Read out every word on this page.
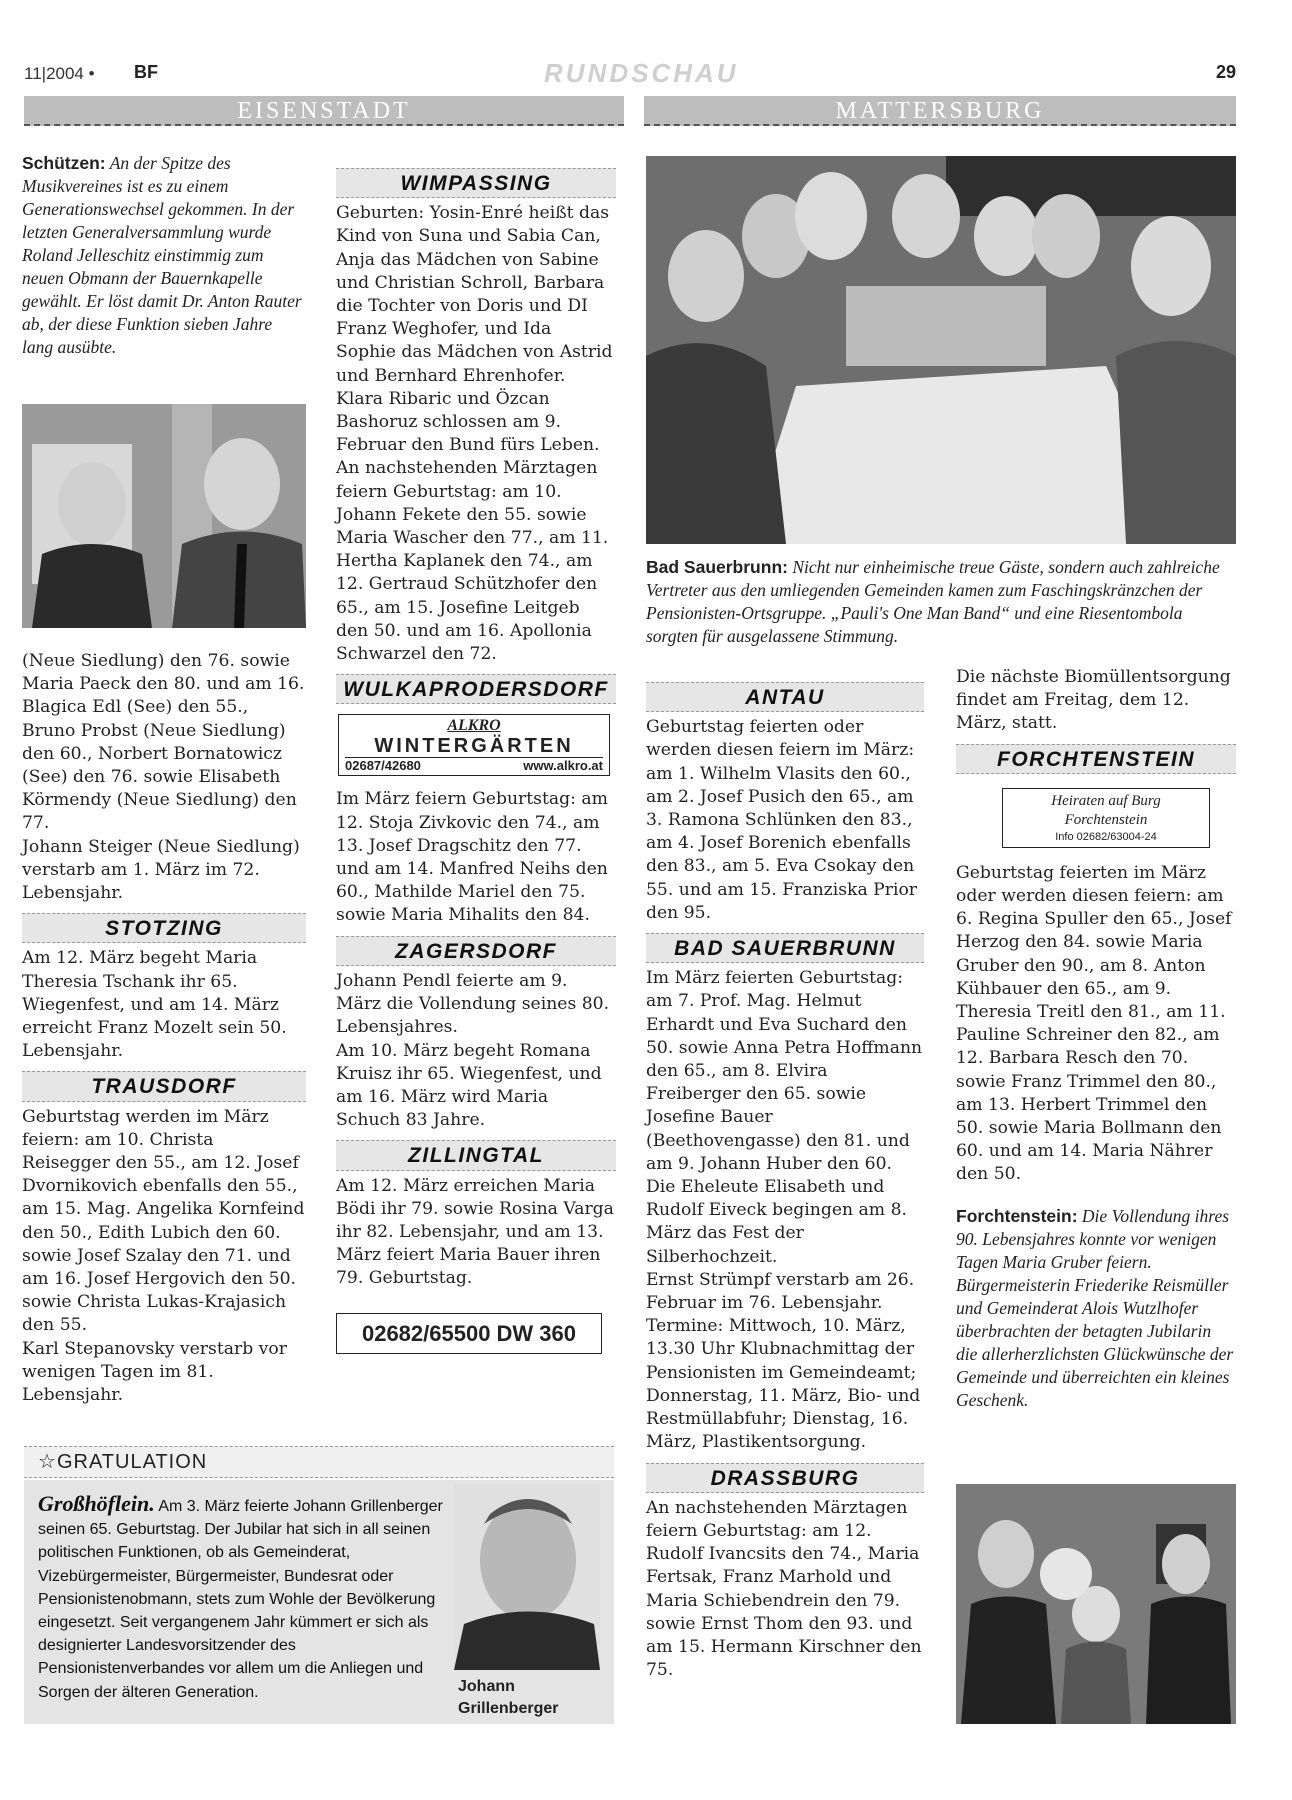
11|2004 • BF	RUNDSCHAU	29
EISENSTADT	MATTERSBURG
Schützen: An der Spitze des Musikvereines ist es zu einem Generationswechsel gekommen. In der letzten Generalversammlung wurde Roland Jelleschitz einstimmig zum neuen Obmann der Bauernkapelle gewählt. Er löst damit Dr. Anton Rauter ab, der diese Funktion sieben Jahre lang ausübte.

(Neue Siedlung) den 76. sowie Maria Paeck den 80. und am 16. Blagica Edl (See) den 55., Bruno Probst (Neue Siedlung) den 60., Norbert Bornatowicz (See) den 76. sowie Elisabeth Körmendy (Neue Siedlung) den 77.

Johann Steiger (Neue Siedlung) verstarb am 1. März im 72. Lebensjahr.

STOTZING

Am 12. März begeht Maria Theresia Tschank ihr 65. Wiegenfest, und am 14. März erreicht Franz Mozelt sein 50. Lebensjahr.

TRAUSDORF

Geburtstag werden im März feiern: am 10. Christa Reisegger den 55., am 12. Josef Dvornikovich ebenfalls den 55., am 15. Mag. Angelika Kornfeind den 50., Edith Lubich den 60. sowie Josef Szalay den 71. und am 16. Josef Hergovich den 50. sowie Christa Lukas-Krajasich den 55.

Karl Stepanovsky verstarb vor wenigen Tagen im 81. Lebensjahr.

WIMPASSING

Geburten: Yosin-Enré heißt das Kind von Suna und Sabia Can, Anja das Mädchen von Sabine und Christian Schroll, Barbara die Tochter von Doris und DI Franz Weghofer, und Ida Sophie das Mädchen von Astrid und Bernhard Ehrenhofer.

Klara Ribaric und Özcan Bashoruz schlossen am 9. Februar den Bund fürs Leben.

An nachstehenden Märztagen feiern Geburtstag: am 10. Johann Fekete den 55. sowie Maria Wascher den 77., am 11. Hertha Kaplanek den 74., am 12. Gertraud Schützhofer den 65., am 15. Josefine Leitgeb den 50. und am 16. Apollonia Schwarzel den 72.

WULKAPRODERSDORF
ALKRO
WINTERGÄRTEN
02687/42680	www.alkro.at

Im März feiern Geburtstag: am 12. Stoja Zivkovic den 74., am 13. Josef Dragschitz den 77. und am 14. Manfred Neihs den 60., Mathilde Mariel den 75. sowie Maria Mihalits den 84.

ZAGERSDORF

Johann Pendl feierte am 9. März die Vollendung seines 80. Lebensjahres.

Am 10. März begeht Romana Kruisz ihr 65. Wiegenfest, und am 16. März wird Maria Schuch 83 Jahre.

ZILLINGTAL

Am 12. März erreichen Maria Bödi ihr 79. sowie Rosina Varga ihr 82. Lebensjahr, und am 13. März feiert Maria Bauer ihren 79. Geburtstag.

02682/65500 DW 360
Bad Sauerbrunn: Nicht nur einheimische treue Gäste, sondern auch zahlreiche Vertreter aus den umliegenden Gemeinden kamen zum Faschingskränzchen der Pensionisten-Ortsgruppe. „Pauli's One Man Band“ und eine Riesentombola sorgten für ausgelassene Stimmung.
ANTAU

Geburtstag feierten oder werden diesen feiern im März: am 1. Wilhelm Vlasits den 60., am 2. Josef Pusich den 65., am 3. Ramona Schlünken den 83., am 4. Josef Borenich ebenfalls den 83., am 5. Eva Csokay den 55. und am 15. Franziska Prior den 95.

BAD SAUERBRUNN

Im März feierten Geburtstag: am 7. Prof. Mag. Helmut Erhardt und Eva Suchard den 50. sowie Anna Petra Hoffmann den 65., am 8. Elvira Freiberger den 65. sowie Josefine Bauer (Beethovengasse) den 81. und am 9. Johann Huber den 60.

Die Eheleute Elisabeth und Rudolf Eiveck begingen am 8. März das Fest der Silberhochzeit.

Ernst Strümpf verstarb am 26. Februar im 76. Lebensjahr.

Termine: Mittwoch, 10. März, 13.30 Uhr Klubnachmittag der Pensionisten im Gemeindeamt; Donnerstag, 11. März, Bio- und Restmüllabfuhr; Dienstag, 16. März, Plastikentsorgung.

DRASSBURG

An nachstehenden Märztagen feiern Geburtstag: am 12. Rudolf Ivancsits den 74., Maria Fertsak, Franz Marhold und Maria Schiebendrein den 79. sowie Ernst Thom den 93. und am 15. Hermann Kirschner den 75.

Die nächste Biomüllentsorgung findet am Freitag, dem 12. März, statt.

FORCHTENSTEIN
Heiraten auf Burg
Forchtenstein
Info 02682/63004-24

Geburtstag feierten im März oder werden diesen feiern: am 6. Regina Spuller den 65., Josef Herzog den 84. sowie Maria Gruber den 90., am 8. Anton Kühbauer den 65., am 9. Theresia Treitl den 81., am 11. Pauline Schreiner den 82., am 12. Barbara Resch den 70. sowie Franz Trimmel den 80., am 13. Herbert Trimmel den 50. sowie Maria Bollmann den 60. und am 14. Maria Nährer den 50.

Forchtenstein: Die Vollendung ihres 90. Lebensjahres konnte vor wenigen Tagen Maria Gruber feiern. Bürgermeisterin Friederike Reismüller und Gemeinderat Alois Wutzlhofer überbrachten der betagten Jubilarin die allerherzlichsten Glückwünsche der Gemeinde und überreichten ein kleines Geschenk.
☆GRATULATION
Großhöflein. Am 3. März feierte Johann Grillenberger seinen 65. Geburtstag. Der Jubilar hat sich in all seinen politischen Funktionen, ob als Gemeinderat, Vizebürgermeister, Bürgermeister, Bundesrat oder Pensionistenobmann, stets zum Wohle der Bevölkerung eingesetzt. Seit vergangenem Jahr kümmert er sich als designierter Landesvorsitzender des Pensionistenverbandes vor allem um die Anliegen und Sorgen der älteren Generation.	Johann
Grillenberger
